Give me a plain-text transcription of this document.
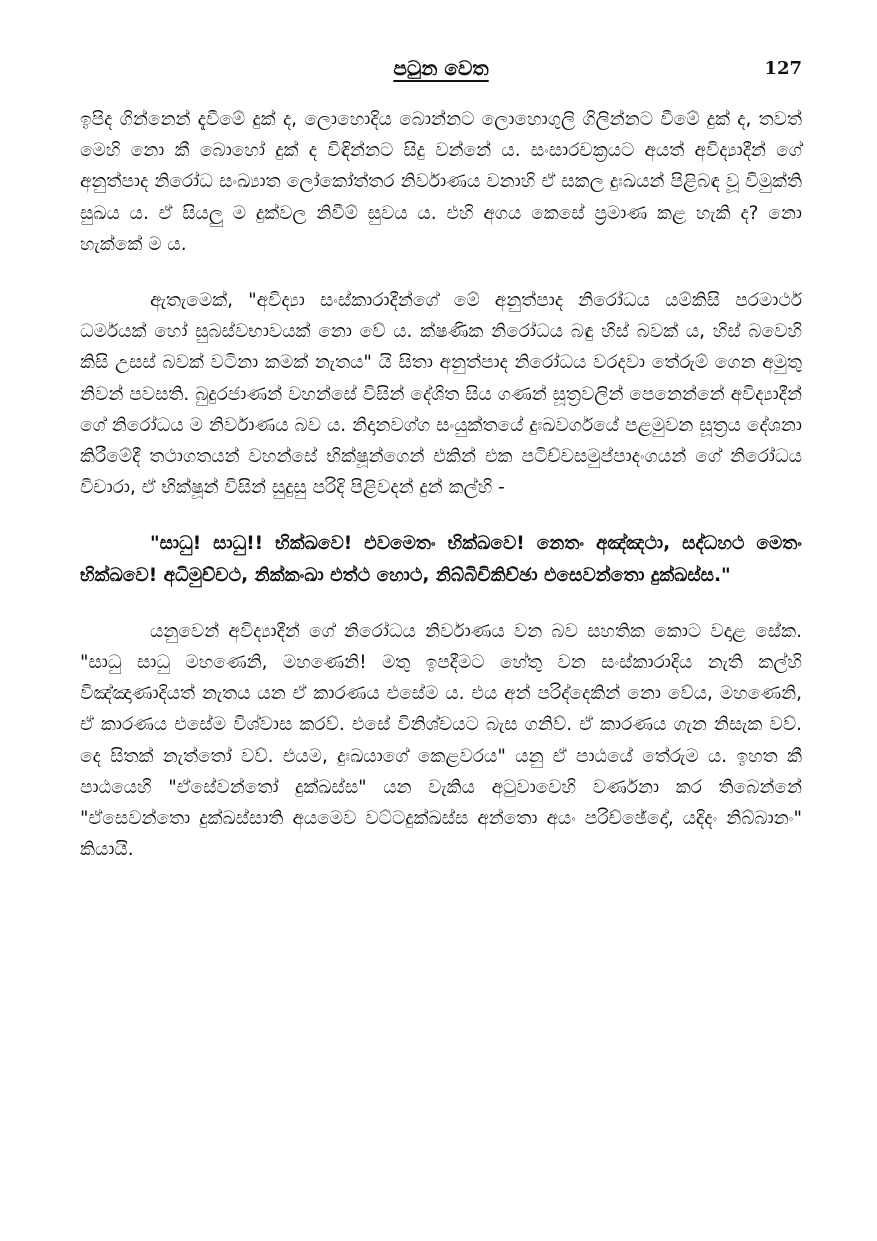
පටුන වෙත	127

ඉපිද ගින්නෙන් දැවීමේ දුක් ද, ලොහොදිය බොන්නට ලොහොගුලි ගිලින්නට වීමේ දුක් ද, තවත් මෙහි නො කී බොහෝ දුක් ද විඳින්නට සිදු වන්නේ ය. සංසාරචක්‍රයට අයත් අවිද්‍යාදීන් ගේ අනුත්පාද නිරෝධ සංඛ්‍යාත ලෝකෝත්තර නිර්වාණය වනාහි ඒ සකල දුඃඛයන් පිළිබඳ වූ විමුක්ති සුඛය ය. ඒ සියලු ම දුක්වල නිවීම් සුවය ය. එහි අගය කෙසේ ප්‍රමාණ කළ හැකි ද? නො හැක්කේ ම ය.

ඇතැමෙක්, "අවිද්‍යා සංස්කාරාදීන්ගේ මේ අනුත්පාද නිරෝධය යම්කිසි පරමාර්ථ ධර්මයක් හෝ සුබස්වභාවයක් නො වේ ය. ක්ෂණික නිරෝධය බඳු හිස් බවක් ය, හිස් බවෙහි කිසි උසස් බවක් වටිනා කමක් නැතය" යි සිතා අනුත්පාද නිරෝධය වරදවා තේරුම් ගෙන අමුතු නිවන් පවසති. බුදුරජාණන් වහන්සේ විසින් දේශිත සිය ගණන් සූත්‍රවලින් පෙනෙන්නේ අවිද්‍යාදීන් ගේ නිරෝධය ම නිර්වාණය බව ය. නිදානවග්ග සංයුක්තයේ දුඃඛවර්ගයේ පළමුවන සූත්‍රය දේශනා කිරීමේදී තථාගතයන් වහන්සේ භික්ෂූන්ගෙන් එකින් එක පටිච්චසමුප්පාදංගයන් ගේ නිරෝධය විචාරා, ඒ භික්ෂූන් විසින් සුදුසු පරිදි පිළිවදන් දුන් කල්හි -

"සාධු! සාධු!! භික්ඛවෙ! එවමෙතං භික්ඛවෙ! නෙතං අඤ්ඤථා, සද්ධහථ මෙතං භික්ඛවෙ! අධිමුච්චථ, නික්කංඛා එත්ථ හොථ, නිබ්බිචිකිච්ඡා එසෙවන්තො දුක්ඛස්ස."

යනුවෙන් අවිද්‍යාදීන් ගේ නිරෝධය නිර්වාණය වන බව සහතික කොට වදාළ සේක. "සාධු සාධු මහණෙනි, මහණෙනි! මතු ඉපදීමට හේතු වන සංස්කාරාදිය නැති කල්හි විඤ්ඤාණාදියත් නැතය යන ඒ කාරණය එසේම ය. එය අන් පරිද්දෙකින් නො වේය, මහණෙනි, ඒ කාරණය එසේම විශ්වාස කරව්. එසේ විනිශ්චයට බැස ගනිව්. ඒ කාරණය ගැන නිසැක වව්. දෙ සිතක් නැත්තෝ වව්. එයම, දුඃඛයාගේ කෙළවරය" යනු ඒ පාඨයේ තේරුම ය. ඉහත කී පාඨයෙහි "ඒසේවන්තෝ දුක්ඛස්ස" යන වැකිය අටුවාවෙහි වර්ණනා කර තිබෙන්නේ "ඒසෙවන්තො දුක්ඛස්සාති අයමෙව වට්ටදුක්ඛස්ස අන්තො අයං පරිච්ඡේදෝ, යදිදං නිබ්බානං" කියායි.
